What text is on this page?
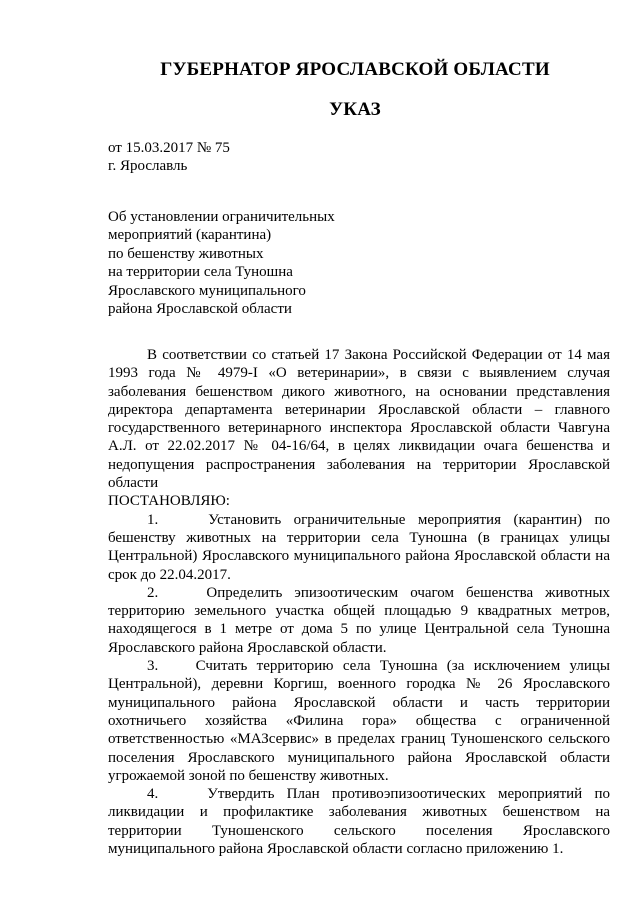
ГУБЕРНАТОР ЯРОСЛАВСКОЙ ОБЛАСТИ
УКАЗ
от 15.03.2017 № 75
г. Ярославль
Об установлении ограничительных
мероприятий (карантина)
по бешенству животных
на территории села Туношна
Ярославского муниципального
района Ярославской области

В соответствии со статьей 17 Закона Российской Федерации от 14 мая 1993 года № 4979-I «О ветеринарии», в связи с выявлением случая заболевания бешенством дикого животного, на основании представления директора департамента ветеринарии Ярославской области – главного государственного ветеринарного инспектора Ярославской области Чавгуна А.Л. от 22.02.2017 № 04-16/64, в целях ликвидации очага бешенства и недопущения распространения заболевания на территории Ярославской области

ПОСТАНОВЛЯЮ:

1.	Установить ограничительные мероприятия (карантин) по бешенству животных на территории села Туношна (в границах улицы Центральной) Ярославского муниципального района Ярославской области на срок до 22.04.2017.

2.	Определить эпизоотическим очагом бешенства животных территорию земельного участка общей площадью 9 квадратных метров, находящегося в 1 метре от дома 5 по улице Центральной села Туношна Ярославского района Ярославской области.

3. Считать территорию села Туношна (за исключением улицы Центральной), деревни Коргиш, военного городка № 26 Ярославского муниципального района Ярославской области и часть территории охотничьего хозяйства «Филина гора» общества с ограниченной ответственностью «МАЗсервис» в пределах границ Туношенского сельского поселения Ярославского муниципального района Ярославской области угрожаемой зоной по бешенству животных.

4.	Утвердить План противоэпизоотических мероприятий по ликвидации и профилактике заболевания животных бешенством на территории Туношенского сельского поселения Ярославского муниципального района Ярославской области согласно приложению 1.
